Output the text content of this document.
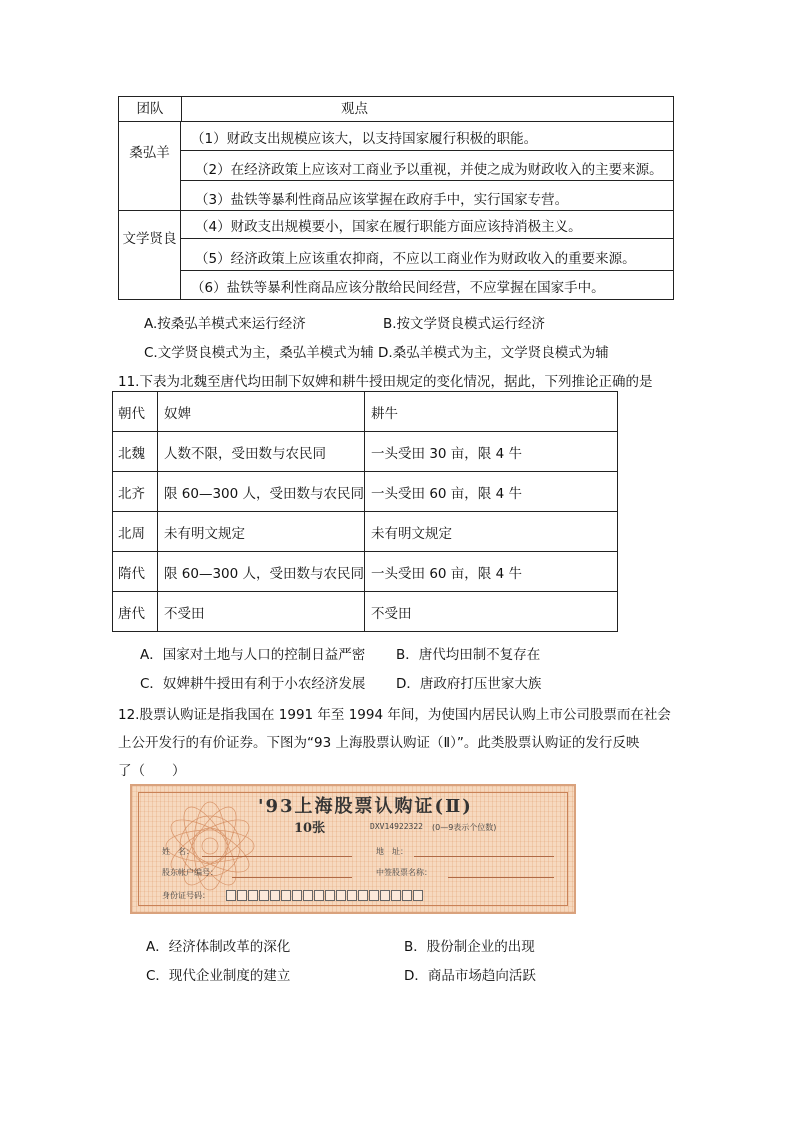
团队	观点
桑弘羊
（1）财政支出规模应该大，以支持国家履行积极的职能。
（2）在经济政策上应该对工商业予以重视，并使之成为财政收入的主要来源。
（3）盐铁等暴利性商品应该掌握在政府手中，实行国家专营。
文学贤良
（4）财政支出规模要小，国家在履行职能方面应该持消极主义。
（5）经济政策上应该重农抑商，不应以工商业作为财政收入的重要来源。
（6）盐铁等暴利性商品应该分散给民间经营，不应掌握在国家手中。
A.按桑弘羊模式来运行经济	B.按文学贤良模式运行经济
C.文学贤良模式为主，桑弘羊模式为辅 D.桑弘羊模式为主，文学贤良模式为辅
11.下表为北魏至唐代均田制下奴婢和耕牛授田规定的变化情况，据此，下列推论正确的是
朝代	奴婢	耕牛
北魏	人数不限，受田数与农民同	一头受田 30 亩，限 4 牛
北齐	限 60—300 人，受田数与农民同	一头受田 60 亩，限 4 牛
北周	未有明文规定	未有明文规定
隋代	限 60—300 人，受田数与农民同	一头受田 60 亩，限 4 牛
唐代	不受田	不受田
A．国家对土地与人口的控制日益严密 B．唐代均田制不复存在
C．奴婢耕牛授田有利于小农经济发展 D．唐政府打压世家大族
12.股票认购证是指我国在 1991 年至 1994 年间，为使国内居民认购上市公司股票而在社会
上公开发行的有价证券。下图为“93 上海股票认购证（Ⅱ）”。此类股票认购证的发行反映
了（　　）
'93上海股票认购证(Ⅱ)
10张	DXV14922322 (0—9表示个位数)
姓　名：	地　址：
股东帐户编号：	中签股票名称：
身份证号码：
A．经济体制改革的深化	B．股份制企业的出现
C．现代企业制度的建立	D．商品市场趋向活跃
